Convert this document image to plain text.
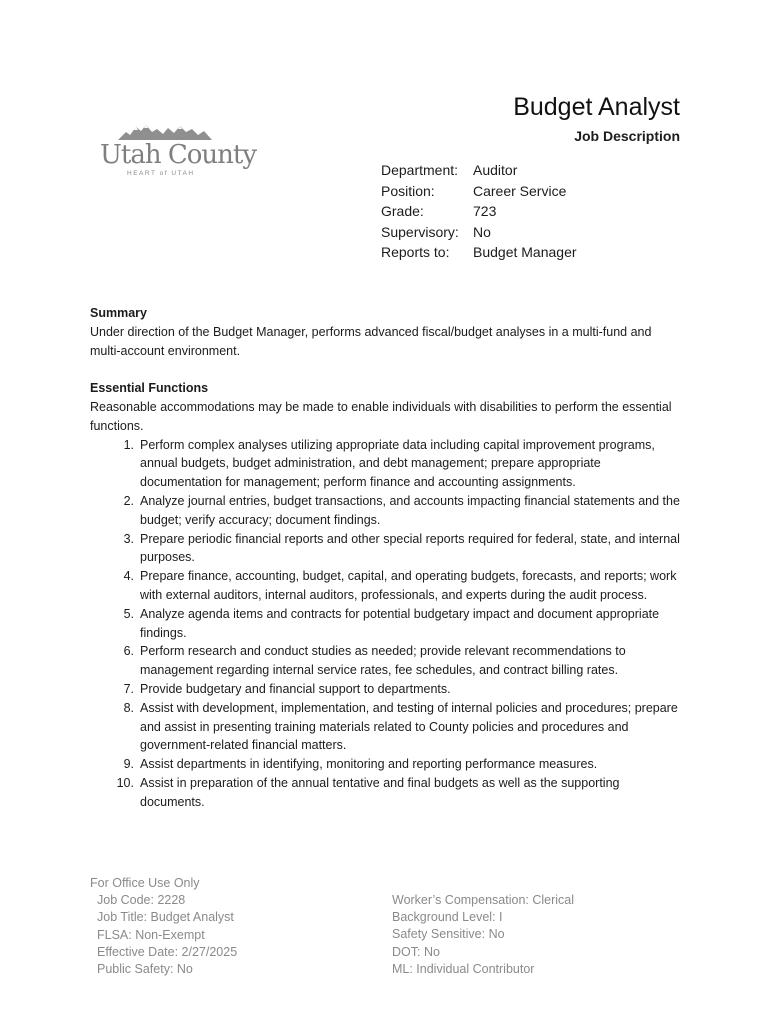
Utah County
HEART of UTAH
Budget Analyst
Job Description
Department:	Auditor
Position:	Career Service
Grade:	723
Supervisory:	No
Reports to:	Budget Manager
Summary
Under direction of the Budget Manager, performs advanced fiscal/budget analyses in a multi-fund and multi-account environment.
Essential Functions
Reasonable accommodations may be made to enable individuals with disabilities to perform the essential functions.
1. Perform complex analyses utilizing appropriate data including capital improvement programs, annual budgets, budget administration, and debt management; prepare appropriate documentation for management; perform finance and accounting assignments.
2. Analyze journal entries, budget transactions, and accounts impacting financial statements and the budget; verify accuracy; document findings.
3. Prepare periodic financial reports and other special reports required for federal, state, and internal purposes.
4. Prepare finance, accounting, budget, capital, and operating budgets, forecasts, and reports; work with external auditors, internal auditors, professionals, and experts during the audit process.
5. Analyze agenda items and contracts for potential budgetary impact and document appropriate findings.
6. Perform research and conduct studies as needed; provide relevant recommendations to management regarding internal service rates, fee schedules, and contract billing rates.
7. Provide budgetary and financial support to departments.
8. Assist with development, implementation, and testing of internal policies and procedures; prepare and assist in presenting training materials related to County policies and procedures and government-related financial matters.
9. Assist departments in identifying, monitoring and reporting performance measures.
10. Assist in preparation of the annual tentative and final budgets as well as the supporting documents.
For Office Use Only
Job Code: 2228
Job Title: Budget Analyst
FLSA: Non-Exempt
Effective Date: 2/27/2025
Public Safety: No
Worker’s Compensation: Clerical
Background Level: I
Safety Sensitive: No
DOT: No
ML: Individual Contributor
